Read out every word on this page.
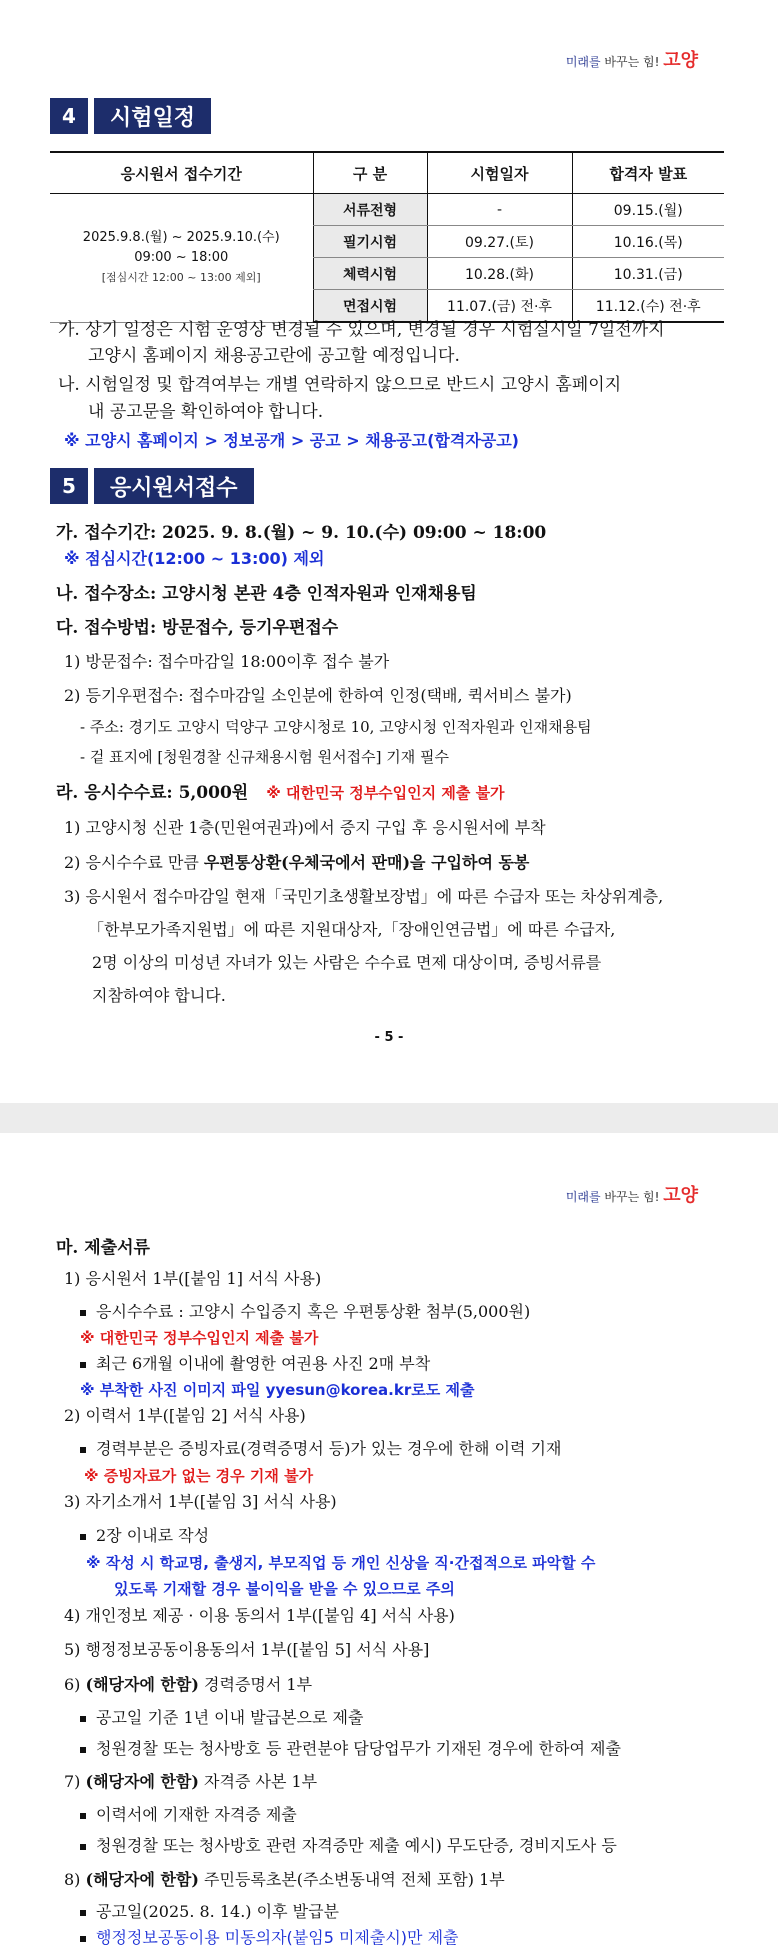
미래를 바꾸는 힘! 고양
4	시험일정
응시원서 접수기간	구 분	시험일자	합격자 발표

2025.9.8.(월) ~ 2025.9.10.(수)
09:00 ~ 18:00
[점심시간 12:00 ~ 13:00 제외]	서류전형	-	09.15.(월)
	필기시험	09.27.(토)	10.16.(목)
	체력시험	10.28.(화)	10.31.(금)
	면접시험	11.07.(금) 전·후	11.12.(수) 전·후
가. 상기 일정은 시험 운영상 변경될 수 있으며, 변경될 경우 시험실시일 7일전까지
고양시 홈페이지 채용공고란에 공고할 예정입니다.
나. 시험일정 및 합격여부는 개별 연락하지 않으므로 반드시 고양시 홈페이지
내 공고문을 확인하여야 합니다.
※ 고양시 홈페이지 > 정보공개 > 공고 > 채용공고(합격자공고)
5	응시원서접수
가. 접수기간: 2025. 9. 8.(월) ~ 9. 10.(수) 09:00 ~ 18:00
※ 점심시간(12:00 ~ 13:00) 제외
나. 접수장소: 고양시청 본관 4층 인적자원과 인재채용팀
다. 접수방법: 방문접수, 등기우편접수
1) 방문접수: 접수마감일 18:00이후 접수 불가
2) 등기우편접수: 접수마감일 소인분에 한하여 인정(택배, 퀵서비스 불가)
- 주소: 경기도 고양시 덕양구 고양시청로 10, 고양시청 인적자원과 인재채용팀
- 겉 표지에 [청원경찰 신규채용시험 원서접수] 기재 필수
라. 응시수수료: 5,000원 ※ 대한민국 정부수입인지 제출 불가
1) 고양시청 신관 1층(민원여권과)에서 증지 구입 후 응시원서에 부착
2) 응시수수료 만큼 우편통상환(우체국에서 판매)을 구입하여 동봉
3) 응시원서 접수마감일 현재「국민기초생활보장법」에 따른 수급자 또는 차상위계층,
「한부모가족지원법」에 따른 지원대상자,「장애인연금법」에 따른 수급자,
2명 이상의 미성년 자녀가 있는 사람은 수수료 면제 대상이며, 증빙서류를
지참하여야 합니다.
- 5 -
미래를 바꾸는 힘! 고양
마. 제출서류
1) 응시원서 1부([붙임 1] 서식 사용)
응시수수료 : 고양시 수입증지 혹은 우편통상환 첨부(5,000원)
※ 대한민국 정부수입인지 제출 불가
최근 6개월 이내에 촬영한 여권용 사진 2매 부착
※ 부착한 사진 이미지 파일 yyesun@korea.kr로도 제출
2) 이력서 1부([붙임 2] 서식 사용)
경력부분은 증빙자료(경력증명서 등)가 있는 경우에 한해 이력 기재
※ 증빙자료가 없는 경우 기재 불가
3) 자기소개서 1부([붙임 3] 서식 사용)
2장 이내로 작성
※ 작성 시 학교명, 출생지, 부모직업 등 개인 신상을 직·간접적으로 파악할 수
있도록 기재할 경우 불이익을 받을 수 있으므로 주의
4) 개인정보 제공 · 이용 동의서 1부([붙임 4] 서식 사용)
5) 행정정보공동이용동의서 1부([붙임 5] 서식 사용]
6) (해당자에 한함) 경력증명서 1부
공고일 기준 1년 이내 발급본으로 제출
청원경찰 또는 청사방호 등 관련분야 담당업무가 기재된 경우에 한하여 제출
7) (해당자에 한함) 자격증 사본 1부
이력서에 기재한 자격증 제출
청원경찰 또는 청사방호 관련 자격증만 제출 예시) 무도단증, 경비지도사 등
8) (해당자에 한함) 주민등록초본(주소변동내역 전체 포함) 1부
공고일(2025. 8. 14.) 이후 발급분
행정정보공동이용 미동의자(붙임5 미제출시)만 제출
